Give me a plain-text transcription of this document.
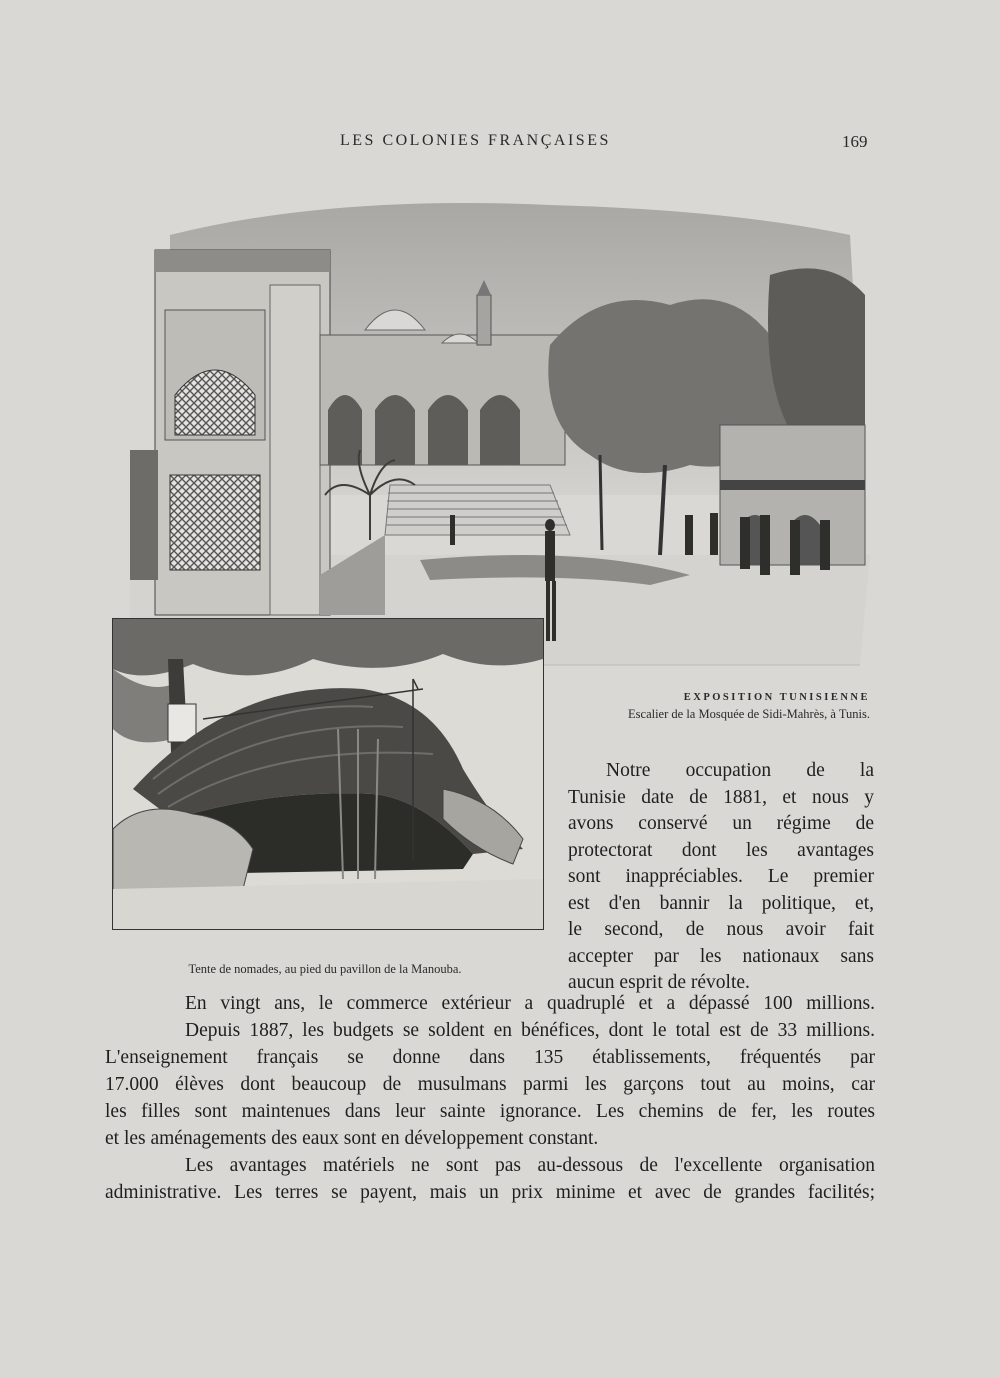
LES COLONIES FRANÇAISES	169
EXPOSITION TUNISIENNE
Escalier de la Mosquée de Sidi-Mahrès, à Tunis.
Tente de nomades, au pied du pavillon de la Manouba.
Notre occupation de la
Tunisie date de 1881, et nous y
avons conservé un régime de
protectorat dont les avantages
sont inappréciables. Le premier
est d'en bannir la politique, et,
le second, de nous avoir fait
accepter par les nationaux sans
aucun esprit de révolte.
En vingt ans, le commerce extérieur a quadruplé et a dépassé 100 millions.
Depuis 1887, les budgets se soldent en bénéfices, dont le total est de 33 millions.
L'enseignement français se donne dans 135 établissements, fréquentés par
17.000 élèves dont beaucoup de musulmans parmi les garçons tout au moins, car
les filles sont maintenues dans leur sainte ignorance. Les chemins de fer, les routes
et les aménagements des eaux sont en développement constant.
Les avantages matériels ne sont pas au-dessous de l'excellente organisation
administrative. Les terres se payent, mais un prix minime et avec de grandes facilités;
